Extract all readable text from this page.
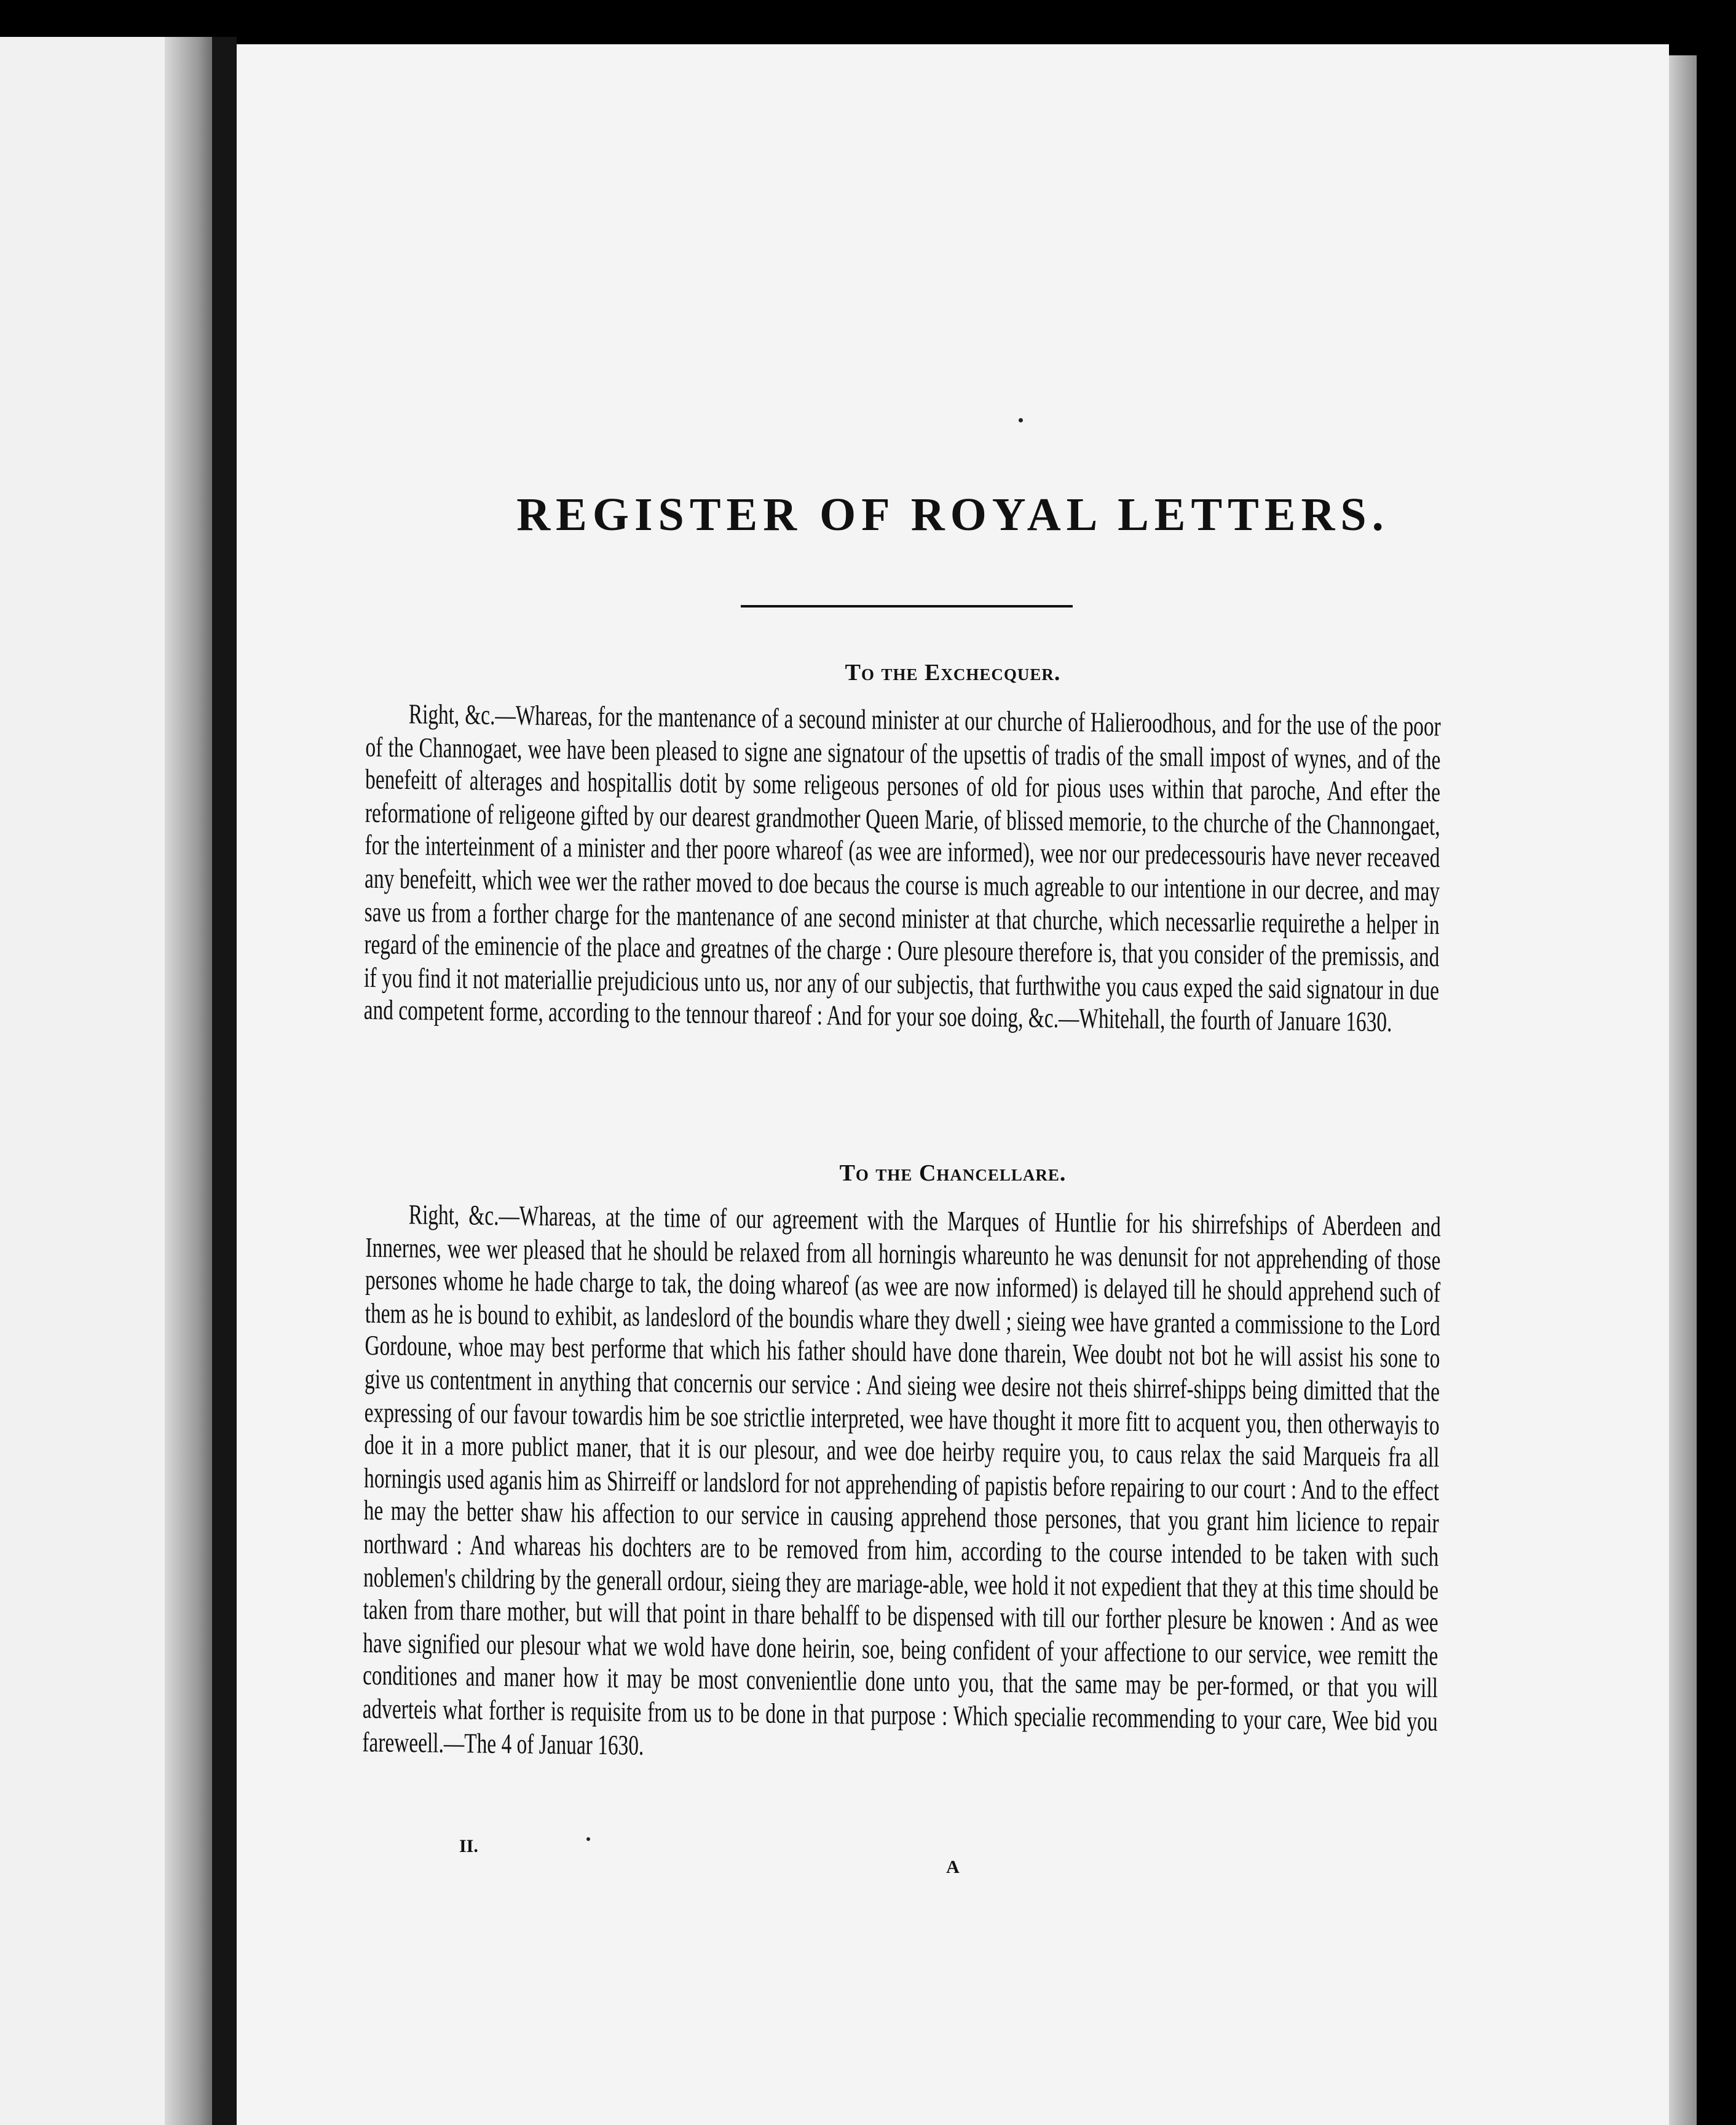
REGISTER OF ROYAL LETTERS.
To the Exchecquer.

Right, &c.—Whareas, for the mantenance of a secound minister at our churche of Halieroodhous, and for the use of the poor of the Channogaet, wee have been pleased to signe ane signatour of the upsettis of tradis of the small impost of wynes, and of the benefeitt of alterages and hospitallis dotit by some religeous persones of old for pious uses within that paroche, And efter the reformatione of religeone gifted by our dearest grandmother Queen Marie, of blissed memorie, to the churche of the Channongaet, for the interteinment of a minister and ther poore whareof (as wee are informed), wee nor our predecessouris have never receaved any benefeitt, which wee wer the rather moved to doe becaus the course is much agreable to our intentione in our decree, and may save us from a forther charge for the mantenance of ane second minister at that churche, which necessarlie requirethe a helper in regard of the eminencie of the place and greatnes of the charge : Oure plesoure therefore is, that you consider of the premissis, and if you find it not materiallie prejudicious unto us, nor any of our subjectis, that furthwithe you caus exped the said signatour in due and competent forme, according to the tennour thareof : And for your soe doing, &c.—Whitehall, the fourth of Januare 1630.

To the Chancellare.

Right, &c.—Whareas, at the time of our agreement with the Marques of Huntlie for his shirrefships of Aberdeen and Innernes, wee wer pleased that he should be relaxed from all horningis whareunto he was denunsit for not apprehending of those persones whome he hade charge to tak, the doing whareof (as wee are now informed) is delayed till he should apprehend such of them as he is bound to exhibit, as landeslord of the boundis whare they dwell ; sieing wee have granted a commissione to the Lord Gordoune, whoe may best performe that which his father should have done tharein, Wee doubt not bot he will assist his sone to give us contentment in anything that concernis our service : And sieing wee desire not theis shirref-shipps being dimitted that the expressing of our favour towardis him be soe strictlie interpreted, wee have thought it more fitt to acquent you, then otherwayis to doe it in a more publict maner, that it is our plesour, and wee doe heirby require you, to caus relax the said Marqueis fra all horningis used aganis him as Shirreiff or landslord for not apprehending of papistis before repairing to our court : And to the effect he may the better shaw his affection to our service in causing apprehend those persones, that you grant him licience to repair northward : And whareas his dochters are to be removed from him, according to the course intended to be taken with such noblemen's childring by the generall ordour, sieing they are mariage-able, wee hold it not expedient that they at this time should be taken from thare mother, but will that point in thare behalff to be dispensed with till our forther plesure be knowen : And as wee have signified our plesour what we wold have done heirin, soe, being confident of your affectione to our service, wee remitt the conditiones and maner how it may be most convenientlie done unto you, that the same may be per-formed, or that you will adverteis what forther is requisite from us to be done in that purpose : Which specialie recommending to your care, Wee bid you fareweell.—The 4 of Januar 1630.

II.

A
